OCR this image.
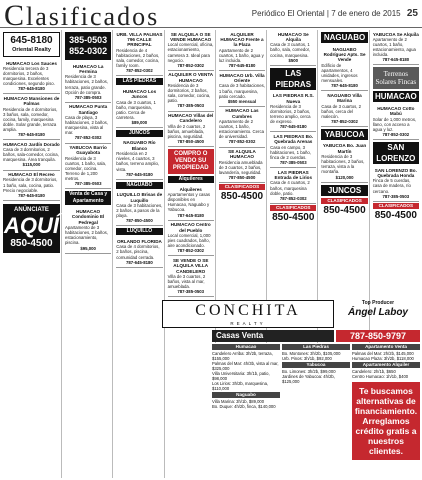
Clasificados	Periódico El Oriental | 7 de enero de 2015 25
645-8180
Oriental Realty
HUMACAO Los Sauces
Residencia tercera de 3 dormitorios, 2 baños, marquesina. Excelentes condiciones, segundo piso.
787-645-8180
HUMACAO Mansiones de Palmas
Residencia de 4 dormitorios, 3 baños, sala, comedor, cocina, family, marquesina doble. Solar grande, terraza amplia.
787-645-8180
HUMACAO Jardín Dorado
Casa de 3 dormitorios, 2 baños, sala-comedor, cocina, marquesina. Área tranquila.
$115,000
HUMACAO El Recreo
Residencia de 3 dormitorios, 1 baño, sala, cocina, patio. Precio negociable.
787-645-8180
ANÚNCIATE
AQUÍ
850-4500
385-0503
852-0302
HUMACAO La Fermina
Residencia de 3 habitaciones, 2 baños, terraza, patio grande. Opción de compra.
787-385-0503
HUMACAO Punta Santiago
Casa de playa, 3 habitaciones, 2 baños, marquesina, vista al mar.
787-852-0302
YABUCOA Barrio Guayabota
Residencia de 3 cuartos, 1 baño, sala, comedor, cocina. Terreno de 1,200 metros.
787-385-0503
Venta de Casa y Apartamento
HUMACAO Condominio El Pedregal
Apartamento de 3 habitaciones, 2 baños, estacionamiento, piscina.
$95,000
URB. VILLA PALMAS 796 CALLE PRINCIPAL
Residencia de 4 habitaciones, 2 baños, sala, comedor, cocina, family room.
787-852-0302
LAS PIEDRAS
HUMACAO Los Juncos
Casa de 3 cuartos, 1 baño, marquesina, patio. Cerca de carretera.
$89,000
JUNCOS
NAGUABO Río Blanco
Residencia en 2 niveles, 4 cuartos, 3 baños, terreno amplio, vista.
787-645-8180
NAGUABO
LUQUILLO Brisas de Luquillo
Casa de 3 habitaciones, 2 baños, a pasos de la playa.
787-850-4500
LUQUILLO
ORLANDO FLORIDA
Casa de 4 dormitorios, 2 baños, piscina, comunidad cerrada.
787-645-8180
SE ALQUILA O SE VENDE HUMACAO
Local comercial, oficina, estacionamiento, carretera 3. Ideal para negocio.
787-852-0302
ALQUILER O VENTA HUMACAO
Residencia de 3 dormitorios, 2 baños, sala, comedor, cocina, patio.
787-385-0503
HUMACAO Villas del Candelero
Villa de 2 cuartos, 2 baños, amueblada, piscina, seguridad.
787-850-4500
COMPRO O VENDO SU PROPIEDAD
Alquileres
Alquileres
Apartamentos y casas disponibles en Humacao, Naguabo y Yabucoa.
787-645-8180
HUMACAO Centro del Pueblo
Local comercial, 1,000 pies cuadrados, baño, aire acondicionado.
787-852-0302
SE VENDE O SE ALQUILA VILLA CANDELERO
Villa de 3 cuartos, 2 baños, vista al mar, amueblada.
787-385-0503
ALQUILER HUMACAO Frente a la Plaza
Apartamento de 2 cuartos, 1 baño, agua y luz incluida.
787-645-8180
HUMACAO Urb. Villa Oriente
Casa de 3 habitaciones, 1 baño, marquesina, patio cercado.
$550 mensual
HUMACAO Las Cumbres
Apartamento de 2 cuartos, 1 baño, estacionamiento. Cerca de universidad.
787-852-0302
SE ALQUILA HUMACAO
Residencia amueblada de 3 cuartos, 2 baños, lavandería, seguridad.
787-850-4500
CLASIFICADOS
850-4500
HUMACAO Se Alquila
Casa de 3 cuartos, 1 baño, sala, comedor, cocina, marquesina.
$500
LAS PIEDRAS
LAS PIEDRAS R.S. Nueva
Residencia de 3 dormitorios, 2 baños, terreno amplio, cerca de expreso.
787-645-8180
LAS PIEDRAS Bo. Quebrada Arenas
Casa en campo, 3 habitaciones, 1 baño, finca de 2 cuerdas.
787-385-0503
LAS PIEDRAS Entrada de Lirios
Casa de 4 cuartos, 2 baños, marquesina doble, patio.
787-852-0302
CLASIFICADOS
850-4500
NAGUABO
NAGUABO Rodríguez Apts. Se Vende
Edificio de apartamentos, 4 unidades, ingresos mensuales.
787-645-8180
NAGUABO Villa Marina
Casa de 3 cuartos, 2 baños, cerca del malecón.
787-852-0302
YABUCOA
YABUCOA Bo. Juan Martín
Residencia de 3 habitaciones, 2 baños, terraza, vista a la montaña.
$120,000
JUNCOS
CLASIFICADOS
850-4500
YABUCOA Se Alquila
Apartamento de 2 cuartos, 1 baño, estacionamiento, agua incluida.
787-645-8180
Terrenos Solares Fincas
HUMACAO
HUMACAO Cotto Mabú
Solar de 1,000 metros, llano, con acceso a agua y luz.
787-852-0302
SAN LORENZO
SAN LORENZO Bo. Quebrada Honda
Finca de 5 cuerdas, casa de madera, río cercano.
787-385-0503
CLASIFICADOS
850-4500
CONCHITA
REALTY
Top Producer
Ángel Laboy
Casas Venta	787-850-9797
Humacao
Candelero Arriba: 3h/2b, terraza, $155,000
Palmas del Mar: 4h/3b, vista al mar, $325,000
Villa Universitaria: 3h/1b, patio, $98,000
Los Lirios: 3h/2b, marquesina, $110,000
Naguabo
Villa Marina: 3h/1b, $89,000
Bo. Duque: 4h/2b, finca, $140,000
Las Piedras
Bo. Montones: 3h/2b, $105,000
Urb. Pinos: 3h/1b, $92,000
Yabucoa
Bo. Limones: 3h/2b, $99,000
Jardines de Yabucoa: 4h/2b, $125,000
Apartamento Venta
Palmas del Mar: 2h/2b, $145,000
Humacao Plaza: 3h/2b, $118,000
Apartamento Alquiler
Candelero: 2h/1b, $650
Centro Humacao: 1h/1b, $400
Te buscamos alternativas de financiamiento. Arreglamos crédito gratis a nuestros clientes.
